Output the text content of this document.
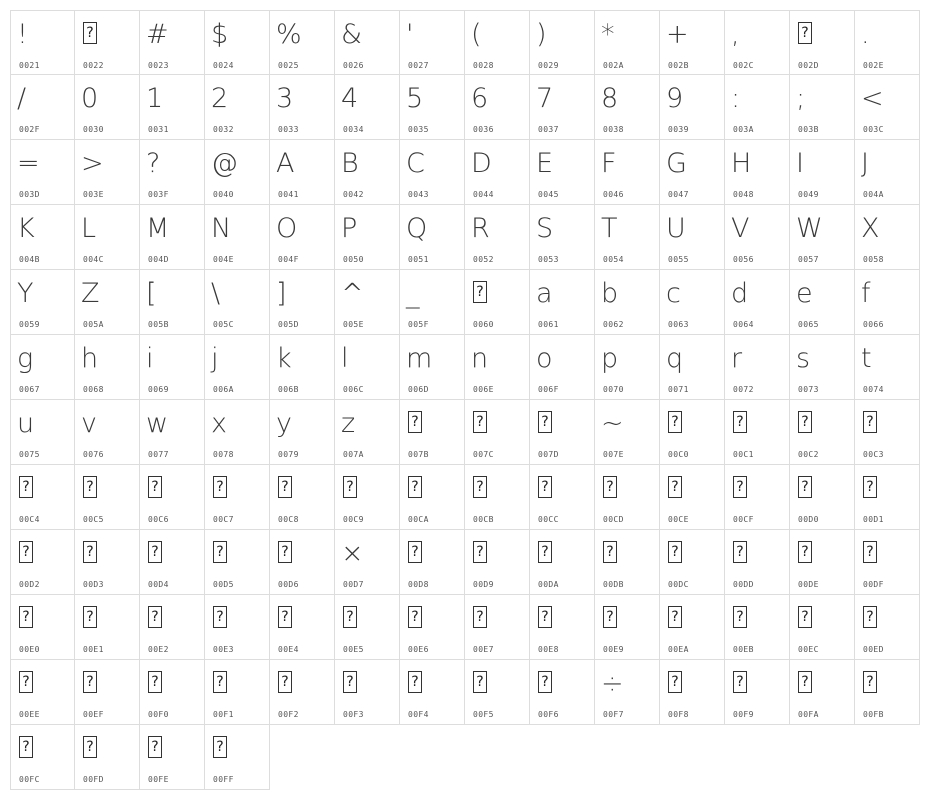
!
0021
?
0022
#
0023
$
0024
%
0025
&
0026
'
0027
(
0028
)
0029
*
002A
+
002B
,
002C
?
002D
.
002E
/
002F
0
0030
1
0031
2
0032
3
0033
4
0034
5
0035
6
0036
7
0037
8
0038
9
0039
:
003A
;
003B
<
003C
=
003D
>
003E
?
003F
@
0040
A
0041
B
0042
C
0043
D
0044
E
0045
F
0046
G
0047
H
0048
I
0049
J
004A
K
004B
L
004C
M
004D
N
004E
O
004F
P
0050
Q
0051
R
0052
S
0053
T
0054
U
0055
V
0056
W
0057
X
0058
Y
0059
Z
005A
[
005B
\
005C
]
005D
^
005E
_
005F
?
0060
a
0061
b
0062
c
0063
d
0064
e
0065
f
0066
g
0067
h
0068
i
0069
j
006A
k
006B
l
006C
m
006D
n
006E
o
006F
p
0070
q
0071
r
0072
s
0073
t
0074
u
0075
v
0076
w
0077
x
0078
y
0079
z
007A
?
007B
?
007C
?
007D
~
007E
?
00C0
?
00C1
?
00C2
?
00C3
?
00C4
?
00C5
?
00C6
?
00C7
?
00C8
?
00C9
?
00CA
?
00CB
?
00CC
?
00CD
?
00CE
?
00CF
?
00D0
?
00D1
?
00D2
?
00D3
?
00D4
?
00D5
?
00D6
×
00D7
?
00D8
?
00D9
?
00DA
?
00DB
?
00DC
?
00DD
?
00DE
?
00DF
?
00E0
?
00E1
?
00E2
?
00E3
?
00E4
?
00E5
?
00E6
?
00E7
?
00E8
?
00E9
?
00EA
?
00EB
?
00EC
?
00ED
?
00EE
?
00EF
?
00F0
?
00F1
?
00F2
?
00F3
?
00F4
?
00F5
?
00F6
÷
00F7
?
00F8
?
00F9
?
00FA
?
00FB
?
00FC
?
00FD
?
00FE
?
00FF
